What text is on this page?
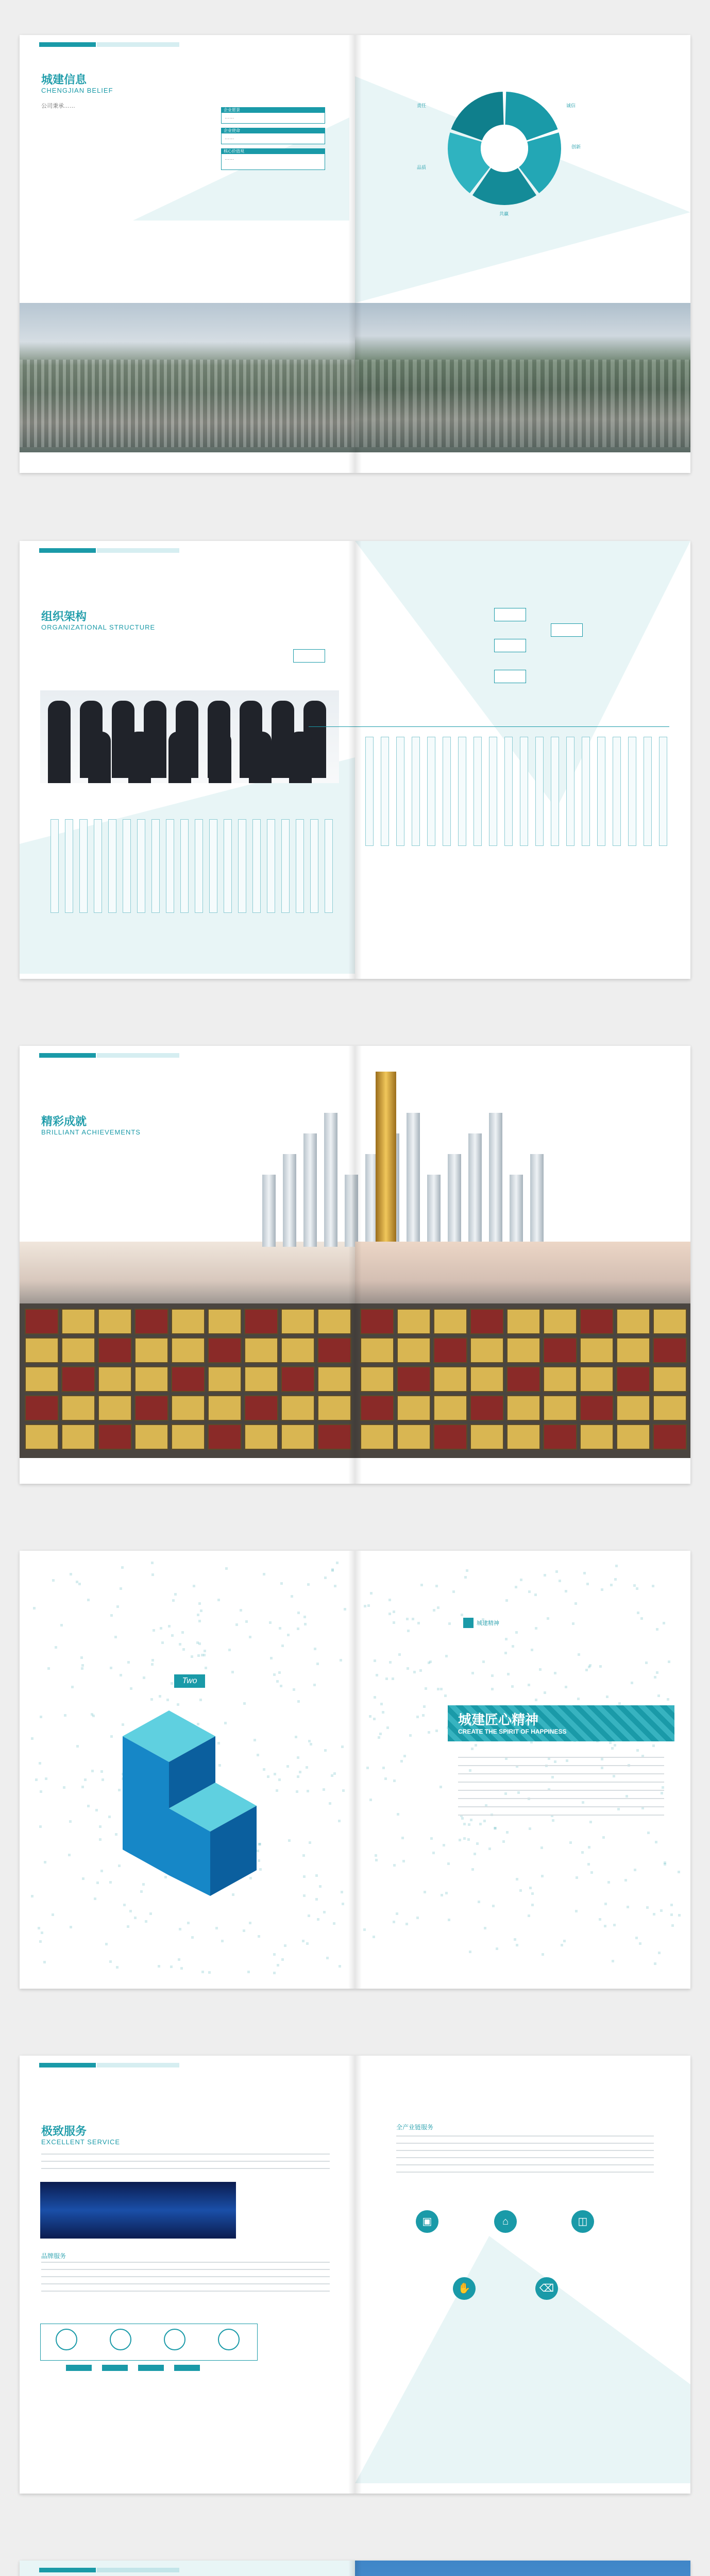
城建信息
CHENGJIAN BELIEF
公司秉承……
企业愿景
……
企业使命
……
核心价值观
……
诚信
创新
共赢
品质
责任
组织架构
ORGANIZATIONAL STRUCTURE
精彩成就
BRILLIANT ACHIEVEMENTS
Two
城建精神
城建匠心精神
CREATE THE SPIRIT OF HAPPINESS
极致服务
EXCELLENT SERVICE
品牌服务
全产业链服务
▣	⌂	◫
✋	⌫
